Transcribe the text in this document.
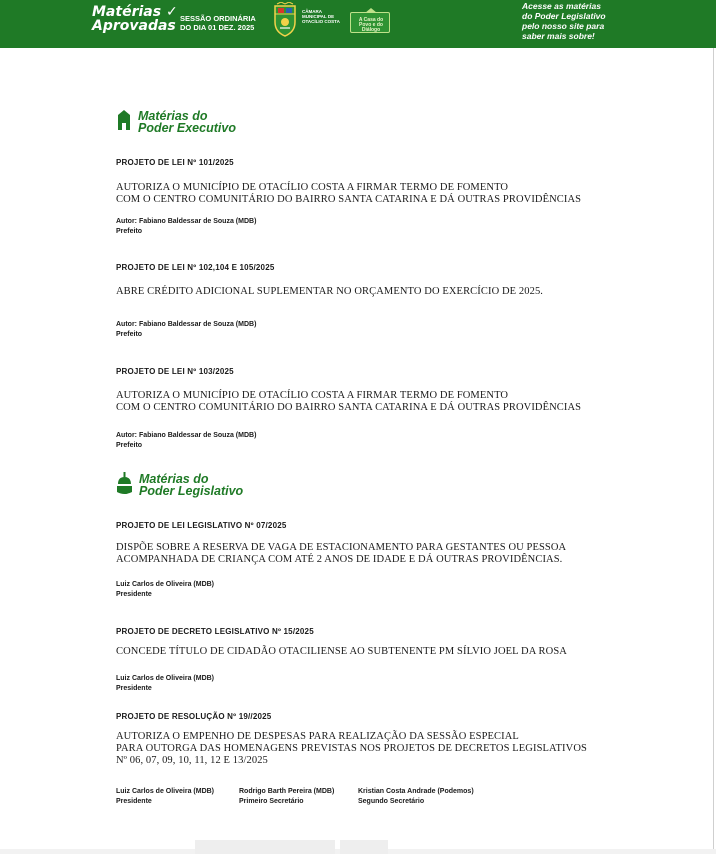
Matérias ✓
Aprovadas SESSÃO ORDINÁRIA
DO DIA 01 DEZ. 2025
CÂMARA MUNICIPAL DE OTACÍLIO COSTA	A Casa do Povo e do Diálogo
Acesse as matérias
do Poder Legislativo
pelo nosso site para
saber mais sobre!
Matérias do
Poder Executivo
PROJETO DE LEI Nº 101/2025
AUTORIZA O MUNICÍPIO DE OTACÍLIO COSTA A FIRMAR TERMO DE FOMENTO
COM O CENTRO COMUNITÁRIO DO BAIRRO SANTA CATARINA E DÁ OUTRAS PROVIDÊNCIAS
Autor: Fabiano Baldessar de Souza (MDB)
Prefeito
PROJETO DE LEI Nº 102,104 E 105/2025
ABRE CRÉDITO ADICIONAL SUPLEMENTAR NO ORÇAMENTO DO EXERCÍCIO DE 2025.
Autor: Fabiano Baldessar de Souza (MDB)
Prefeito
PROJETO DE LEI Nº 103/2025
AUTORIZA O MUNICÍPIO DE OTACÍLIO COSTA A FIRMAR TERMO DE FOMENTO
COM O CENTRO COMUNITÁRIO DO BAIRRO SANTA CATARINA E DÁ OUTRAS PROVIDÊNCIAS
Autor: Fabiano Baldessar de Souza (MDB)
Prefeito
Matérias do
Poder Legislativo
PROJETO DE LEI LEGISLATIVO Nº 07/2025
DISPÕE SOBRE A RESERVA DE VAGA DE ESTACIONAMENTO PARA GESTANTES OU PESSOA
ACOMPANHADA DE CRIANÇA COM ATÉ 2 ANOS DE IDADE E DÁ OUTRAS PROVIDÊNCIAS.
Luiz Carlos de Oliveira (MDB)
Presidente
PROJETO DE DECRETO LEGISLATIVO Nº 15/2025
CONCEDE TÍTULO DE CIDADÃO OTACILIENSE AO SUBTENENTE PM SÍLVIO JOEL DA ROSA
Luiz Carlos de Oliveira (MDB)
Presidente
PROJETO DE RESOLUÇÃO Nº 19//2025
AUTORIZA O EMPENHO DE DESPESAS PARA REALIZAÇÃO DA SESSÃO ESPECIAL
PARA OUTORGA DAS HOMENAGENS PREVISTAS NOS PROJETOS DE DECRETOS LEGISLATIVOS
Nº 06, 07, 09, 10, 11, 12 E 13/2025
Luiz Carlos de Oliveira (MDB)
Presidente
Rodrigo Barth Pereira (MDB)
Primeiro Secretário
Kristian Costa Andrade (Podemos)
Segundo Secretário
